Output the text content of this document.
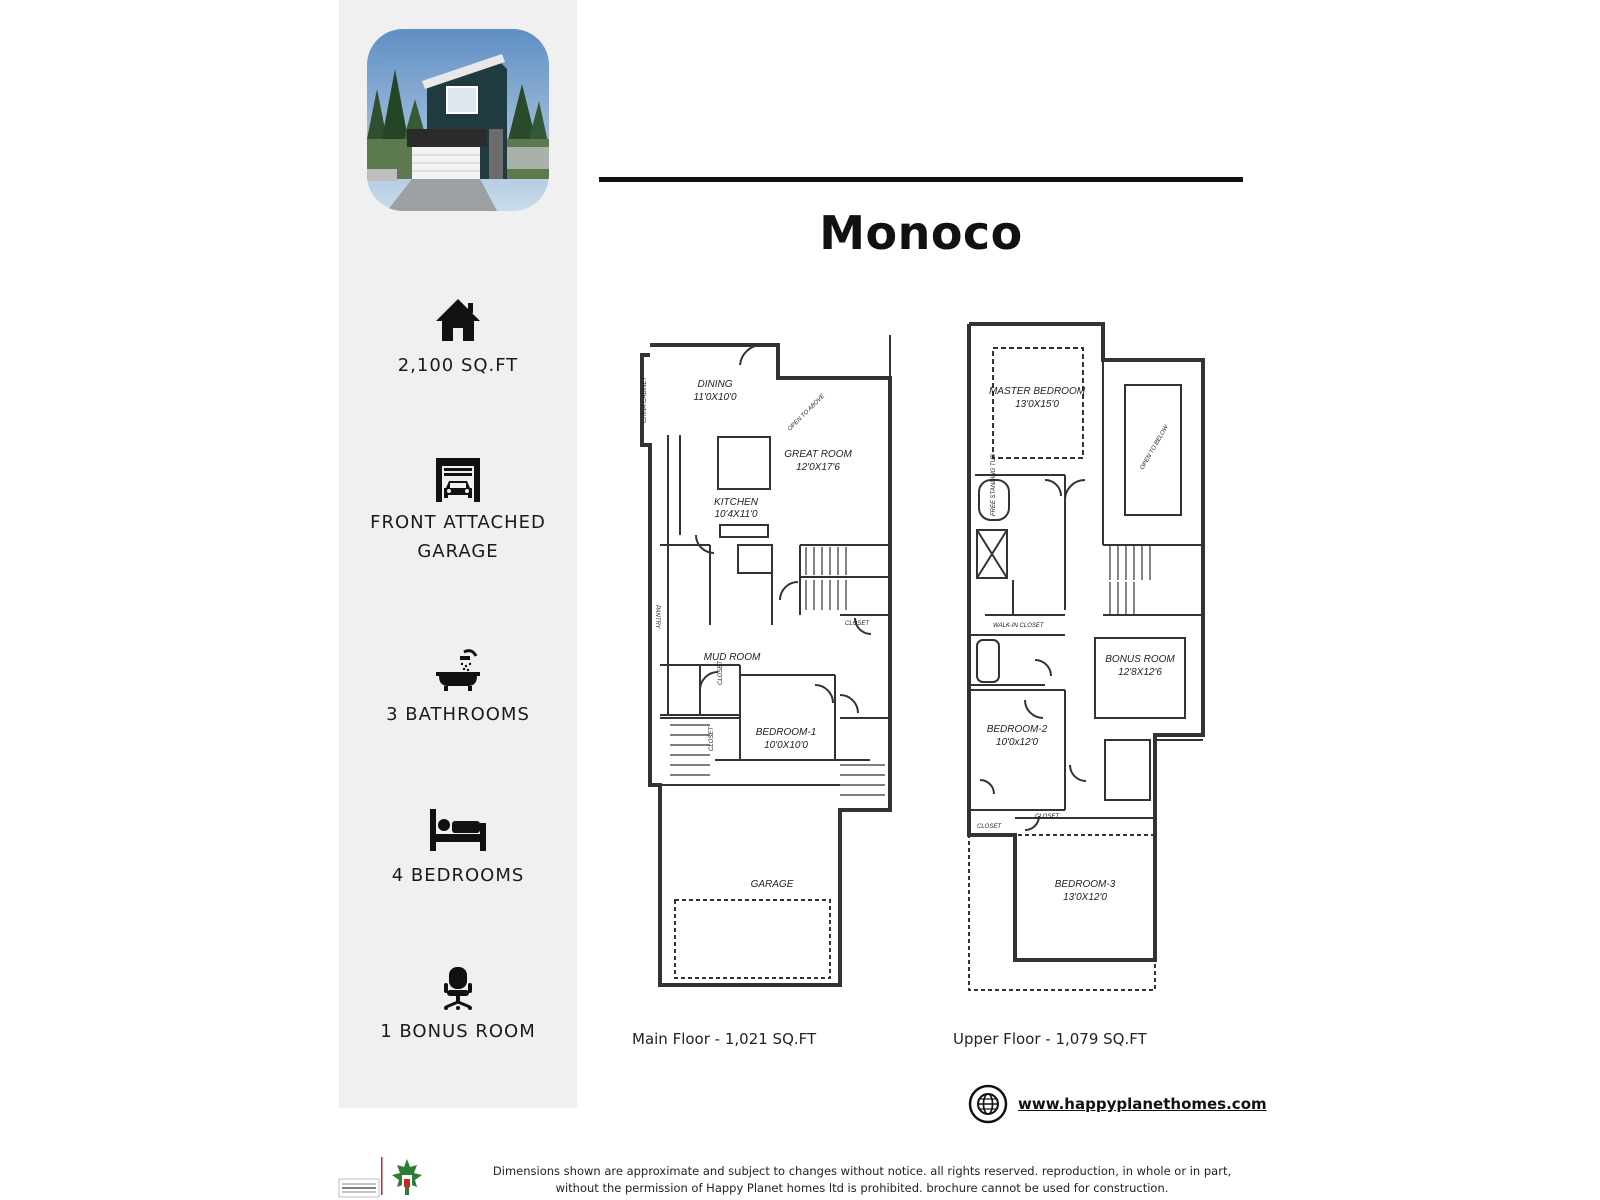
2,100 SQ.FT
FRONT ATTACHED
GARAGE
3 BATHROOMS
4 BEDROOMS
1 BONUS ROOM
Monoco
DINING
11'0X10'0
GREAT ROOM
12'0X17'6
KITCHEN
10'4X11'0
MUD ROOM
BEDROOM-1
10'0X10'0
GARAGE
CHINA CABINET	OPEN TO ABOVE
PANTRY	CLOSET
CLOSET
CLOSET
MASTER BEDROOM
13'0X15'0
BONUS ROOM
12'8X12'6
BEDROOM-2
10'0x12'0
BEDROOM-3
13'0X12'0
OPEN TO BELOW
FREE STANDING TUB
WALK-IN CLOSET
CLOSET
CLOSET
Main Floor - 1,021 SQ.FT	Upper Floor - 1,079 SQ.FT
www.happyplanethomes.com
Dimensions shown are approximate and subject to changes without notice. all rights reserved. reproduction, in whole or in part,
without the permission of Happy Planet homes ltd is prohibited. brochure cannot be used for construction.
